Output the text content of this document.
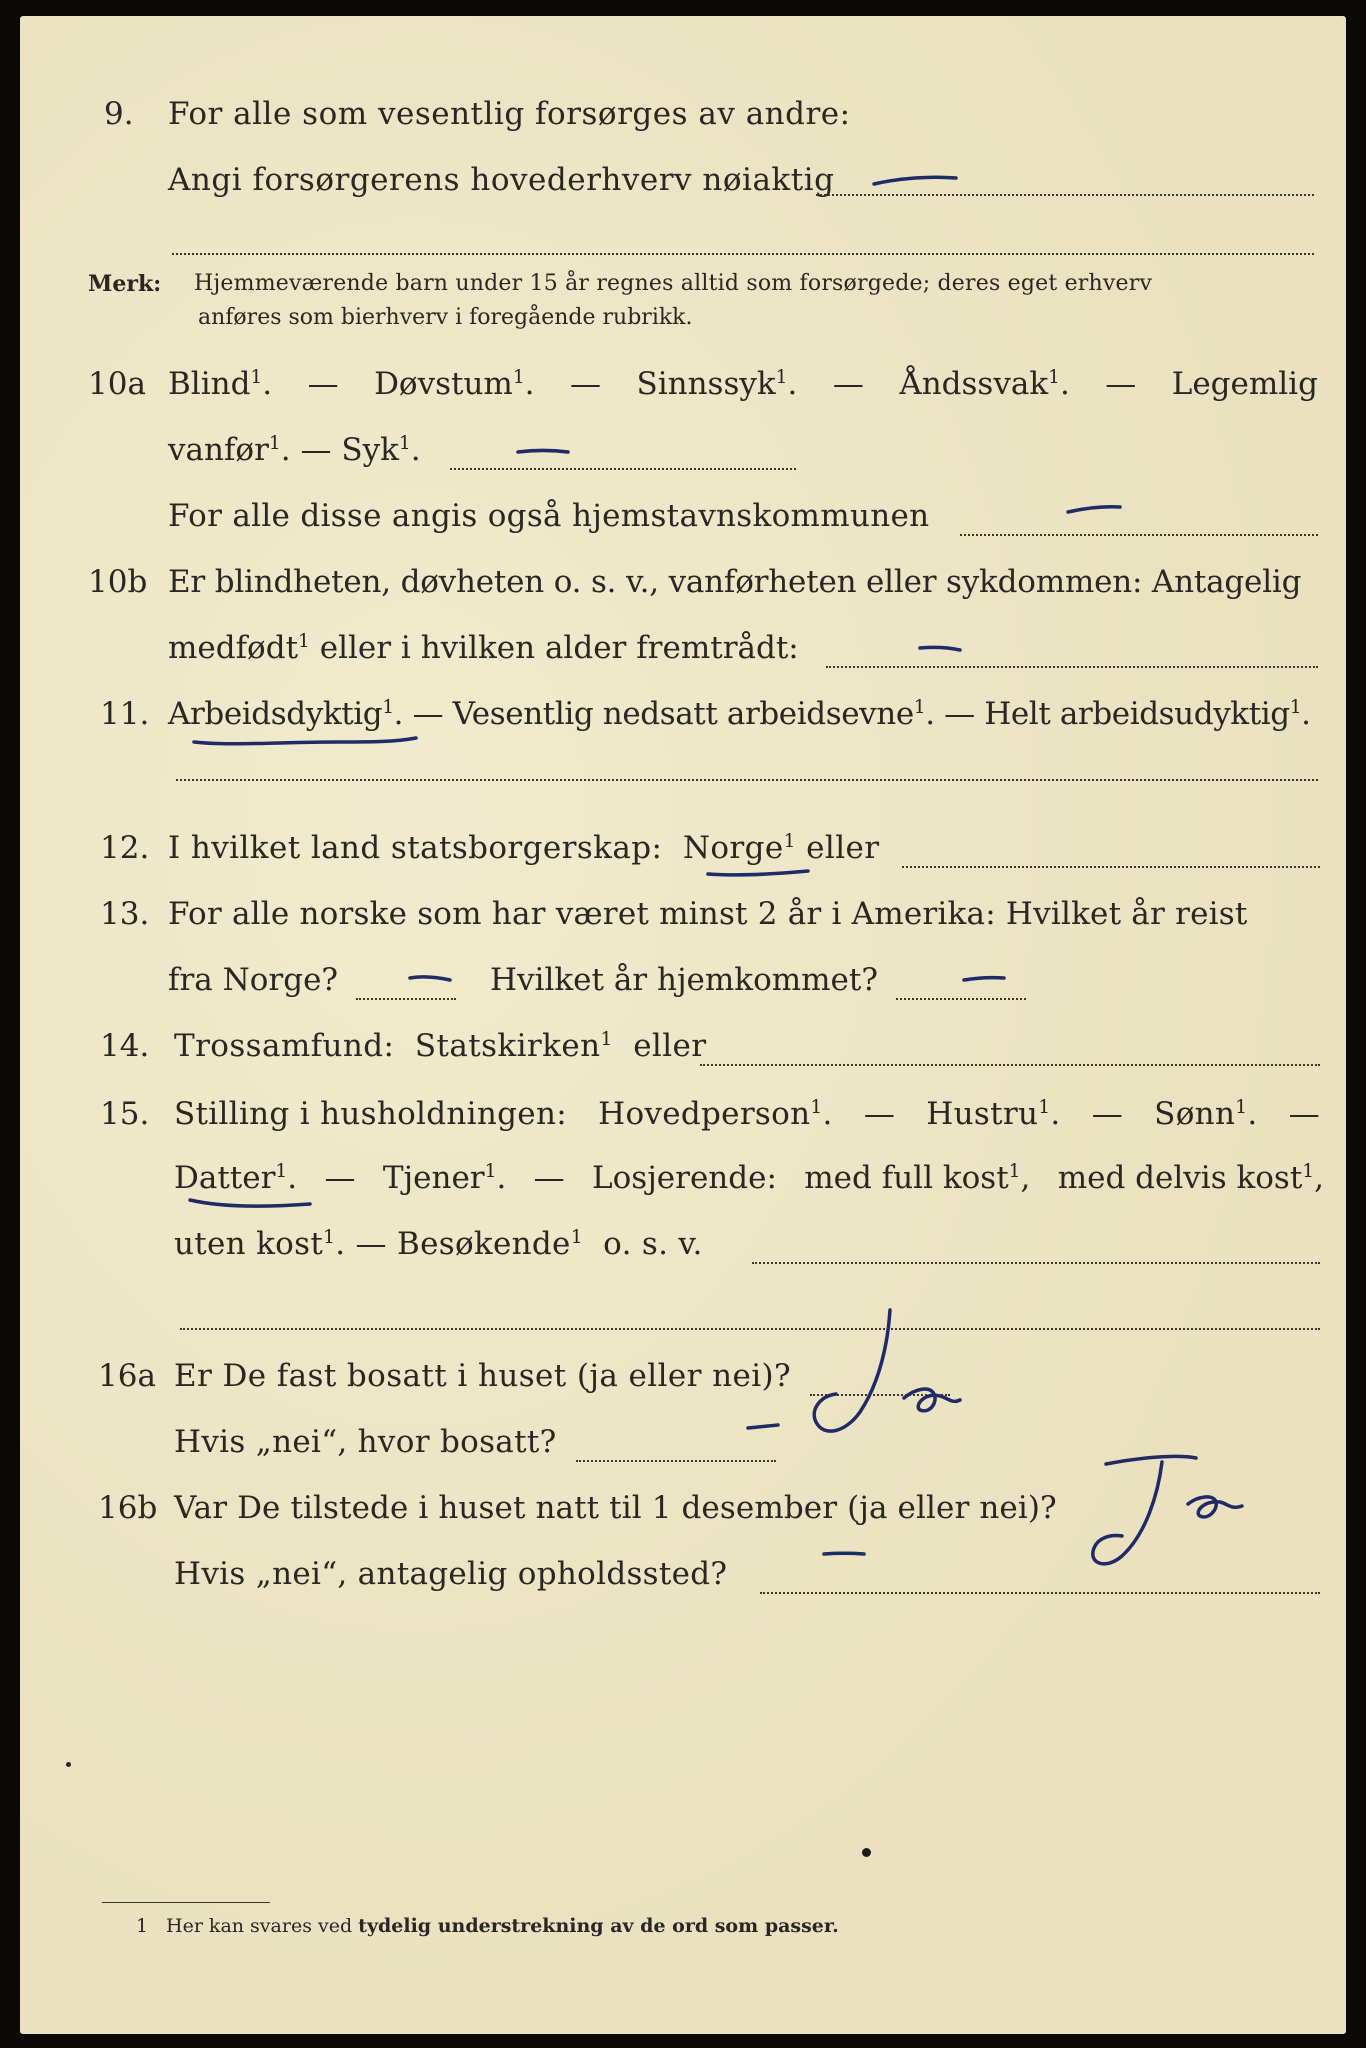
9. For alle som vesentlig forsørges av andre:
Angi forsørgerens hovederhverv nøiaktig
Merk: Hjemmeværende barn under 15 år regnes alltid som forsørgede; deres eget erhverv
anføres som bierhverv i foregående rubrikk.
10a Blind$^1$. — Døvstum$^1$. — Sinnssyk$^1$. — Åndssvak$^1$. — Legemlig
vanfør$^1$. — Syk$^1$.
For alle disse angis også hjemstavnskommunen
10b Er blindheten, døvheten o. s. v., vanførheten eller sykdommen: Antagelig
medfødt$^1$ eller i hvilken alder fremtrådt:
11. Arbeidsdyktig$^1$. — Vesentlig nedsatt arbeidsevne$^1$. — Helt arbeidsudyktig$^1$.
12. I hvilket land statsborgerskap: Norge$^1$ eller
13. For alle norske som har været minst 2 år i Amerika: Hvilket år reist
fra Norge?	Hvilket år hjemkommet?
14. Trossamfund: Statskirken$^1$ eller
15. Stilling i husholdningen: Hovedperson$^1$. — Hustru$^1$. — Sønn$^1$. —
Datter$^1$. — Tjener$^1$. — Losjerende: med full kost$^1$, med delvis kost$^1$,
uten kost$^1$. — Besøkende$^1$ o. s. v.
16a Er De fast bosatt i huset (ja eller nei)?
Hvis „nei“, hvor bosatt?
16b Var De tilstede i huset natt til 1 desember (ja eller nei)?
Hvis „nei“, antagelig opholdssted?
1 Her kan svares ved tydelig understrekning av de ord som passer.
